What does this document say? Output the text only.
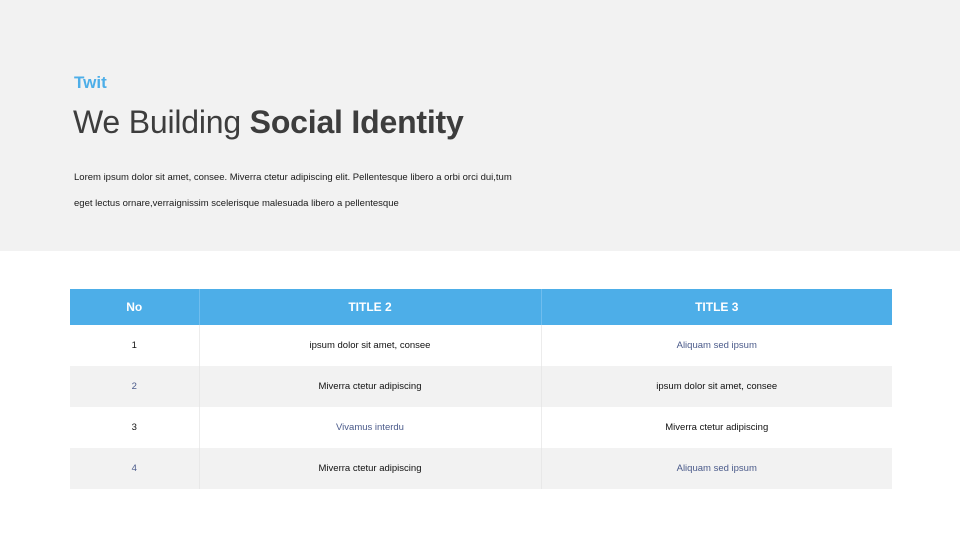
Twit
We Building Social Identity

Lorem ipsum dolor sit amet, consee. Miverra ctetur adipiscing elit. Pellentesque libero a orbi orci dui,tum

eget lectus ornare,verraignissim scelerisque malesuada libero a pellentesque

No	TITLE 2	TITLE 3
1	ipsum dolor sit amet, consee	Aliquam sed ipsum
2	Miverra ctetur adipiscing	ipsum dolor sit amet, consee
3	Vivamus interdu	Miverra ctetur adipiscing
4	Miverra ctetur adipiscing	Aliquam sed ipsum
